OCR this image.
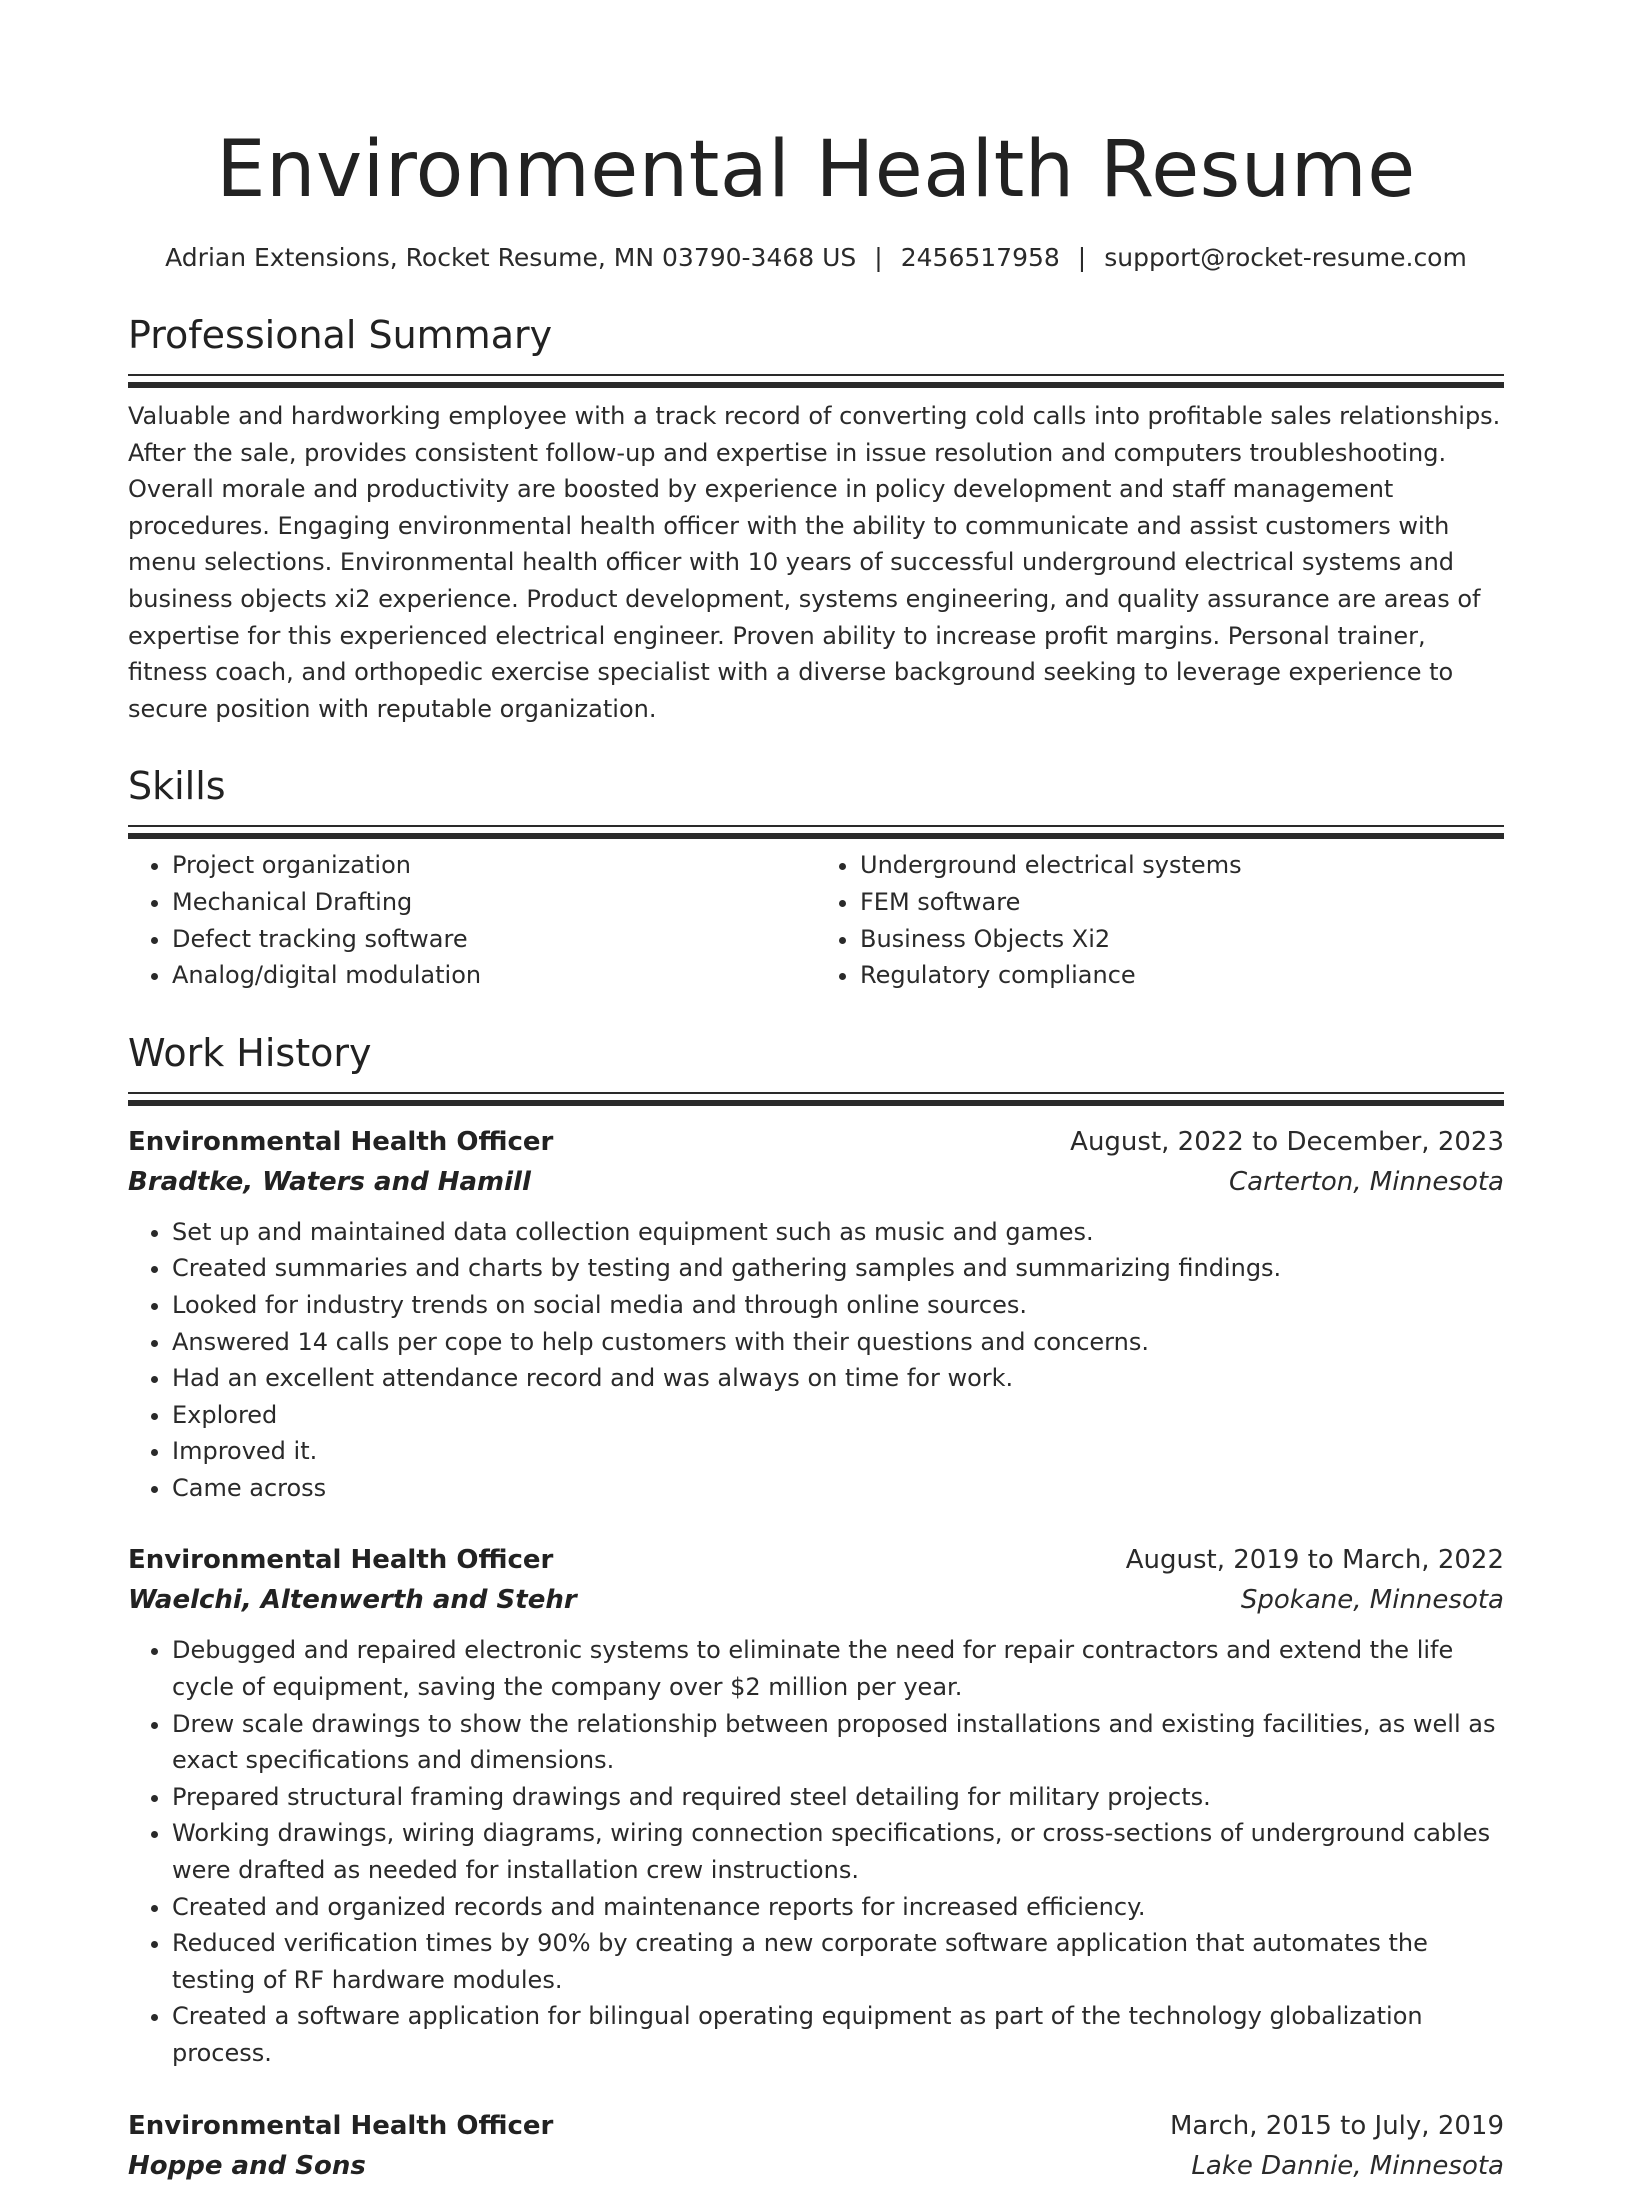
Environmental Health Resume
Adrian Extensions, Rocket Resume, MN 03790-3468 US | 2456517958 | support@rocket-resume.com
Professional Summary

Valuable and hardworking employee with a track record of converting cold calls into profitable sales relationships. After the sale, provides consistent follow-up and expertise in issue resolution and computers troubleshooting. Overall morale and productivity are boosted by experience in policy development and staff management procedures. Engaging environmental health officer with the ability to communicate and assist customers with menu selections. Environmental health officer with 10 years of successful underground electrical systems and business objects xi2 experience. Product development, systems engineering, and quality assurance are areas of expertise for this experienced electrical engineer. Proven ability to increase profit margins. Personal trainer, fitness coach, and orthopedic exercise specialist with a diverse background seeking to leverage experience to secure position with reputable organization.

Skills
• Project organization
• Mechanical Drafting
• Defect tracking software
• Analog/digital modulation
• Underground electrical systems
• FEM software
• Business Objects Xi2
• Regulatory compliance
Work History
Environmental Health Officer	August, 2022 to December, 2023
Bradtke, Waters and Hamill	Carterton, Minnesota
• Set up and maintained data collection equipment such as music and games.
• Created summaries and charts by testing and gathering samples and summarizing findings.
• Looked for industry trends on social media and through online sources.
• Answered 14 calls per cope to help customers with their questions and concerns.
• Had an excellent attendance record and was always on time for work.
• Explored
• Improved it.
• Came across
Environmental Health Officer	August, 2019 to March, 2022
Waelchi, Altenwerth and Stehr	Spokane, Minnesota
• Debugged and repaired electronic systems to eliminate the need for repair contractors and extend the life cycle of equipment, saving the company over $2 million per year.
• Drew scale drawings to show the relationship between proposed installations and existing facilities, as well as exact specifications and dimensions.
• Prepared structural framing drawings and required steel detailing for military projects.
• Working drawings, wiring diagrams, wiring connection specifications, or cross-sections of underground cables were drafted as needed for installation crew instructions.
• Created and organized records and maintenance reports for increased efficiency.
• Reduced verification times by 90% by creating a new corporate software application that automates the testing of RF hardware modules.
• Created a software application for bilingual operating equipment as part of the technology globalization process.
Environmental Health Officer	March, 2015 to July, 2019
Hoppe and Sons	Lake Dannie, Minnesota
